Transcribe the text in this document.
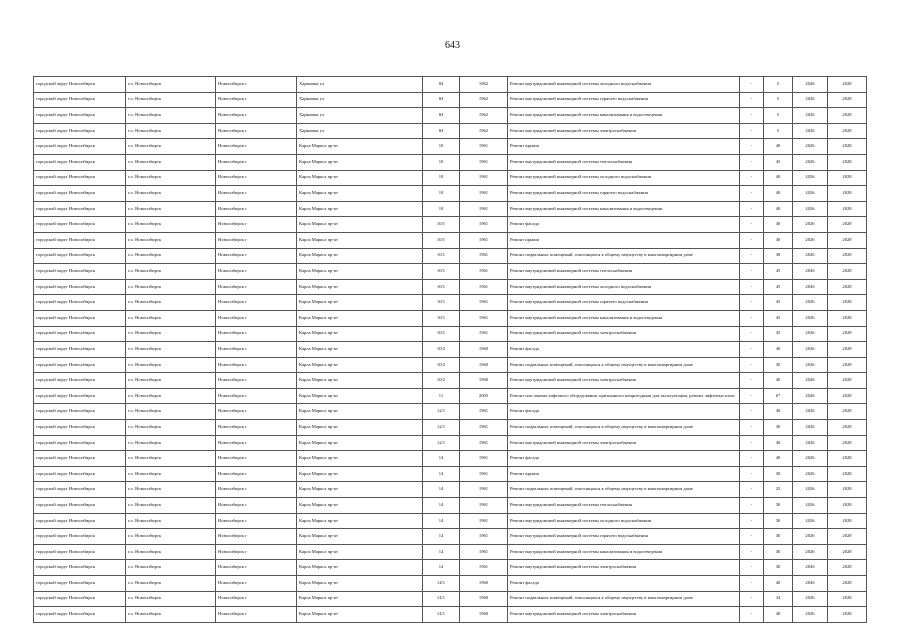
643
городской округ Новосибирск	г.о. Новосибирск	Новосибирск г	Хармаина ул	84	1962	Ремонт внутридомовой инженерной системы холодного водоснабжения	-	5	2026	2028
городской округ Новосибирск	г.о. Новосибирск	Новосибирск г	Хармаина ул	84	1962	Ремонт внутридомовой инженерной системы горячего водоснабжения	-	5	2026	2028
городской округ Новосибирск	г.о. Новосибирск	Новосибирск г	Хармаина ул	84	1962	Ремонт внутридомовой инженерной системы канализования и водоотведения	-	5	2026	2028
городской округ Новосибирск	г.о. Новосибирск	Новосибирск г	Хармаина ул	84	1962	Ремонт внутридомовой инженерной системы электроснабжения	-	5	2026	2028
городской округ Новосибирск	г.о. Новосибирск	Новосибирск г	Карла Маркса пр-кт	10	1961	Ремонт крыши	-	40	2026	2028
городской округ Новосибирск	г.о. Новосибирск	Новосибирск г	Карла Маркса пр-кт	10	1961	Ремонт внутридомовой инженерной системы теплоснабжения	-	45	2026	2028
городской округ Новосибирск	г.о. Новосибирск	Новосибирск г	Карла Маркса пр-кт	10	1961	Ремонт внутридомовой инженерной системы холодного водоснабжения	-	40	2026	2028
городской округ Новосибирск	г.о. Новосибирск	Новосибирск г	Карла Маркса пр-кт	10	1961	Ремонт внутридомовой инженерной системы горячего водоснабжения	-	40	2026	2028
городской округ Новосибирск	г.о. Новосибирск	Новосибирск г	Карла Маркса пр-кт	10	1961	Ремонт внутридомовой инженерной системы канализования и водоотведения	-	40	2026	2028
городской округ Новосибирск	г.о. Новосибирск	Новосибирск г	Карла Маркса пр-кт	10/1	1961	Ремонт фасада	-	40	2026	2028
городской округ Новосибирск	г.о. Новосибирск	Новосибирск г	Карла Маркса пр-кт	10/1	1961	Ремонт крыши	-	40	2026	2028
городской округ Новосибирск	г.о. Новосибирск	Новосибирск г	Карла Маркса пр-кт	10/1	1961	Ремонт подвальных помещений, относящихся к общему имуществу в многоквартирном доме	-	38	2026	2028
городской округ Новосибирск	г.о. Новосибирск	Новосибирск г	Карла Маркса пр-кт	10/1	1961	Ремонт внутридомовой инженерной системы теплоснабжения	-	45	2026	2028
городской округ Новосибирск	г.о. Новосибирск	Новосибирск г	Карла Маркса пр-кт	10/1	1961	Ремонт внутридомовой инженерной системы холодного водоснабжения	-	45	2026	2028
городской округ Новосибирск	г.о. Новосибирск	Новосибирск г	Карла Маркса пр-кт	10/1	1961	Ремонт внутридомовой инженерной системы горячего водоснабжения	-	45	2026	2028
городской округ Новосибирск	г.о. Новосибирск	Новосибирск г	Карла Маркса пр-кт	10/1	1961	Ремонт внутридомовой инженерной системы канализования и водоотведения	-	45	2026	2028
городской округ Новосибирск	г.о. Новосибирск	Новосибирск г	Карла Маркса пр-кт	10/1	1961	Ремонт внутридомовой инженерной системы электроснабжения	-	45	2026	2028
городской округ Новосибирск	г.о. Новосибирск	Новосибирск г	Карла Маркса пр-кт	10/2	1960	Ремонт фасада	-	40	2026	2028
городской округ Новосибирск	г.о. Новосибирск	Новосибирск г	Карла Маркса пр-кт	10/2	1960	Ремонт подвальных помещений, относящихся к общему имуществу в многоквартирном доме	-	30	2026	2028
городской округ Новосибирск	г.о. Новосибирск	Новосибирск г	Карла Маркса пр-кт	10/2	1960	Ремонт внутридомовой инженерной системы электроснабжения	-	40	2026	2028
городской округ Новосибирск	г.о. Новосибирск	Новосибирск г	Карла Маркса пр-кт	11	2005	Ремонт или замена лифтового оборудования, признанного непригодным для эксплуатации, ремонт лифтовых шахт	-	6*	2026	2028
городской округ Новосибирск	г.о. Новосибирск	Новосибирск г	Карла Маркса пр-кт	12/1	1961	Ремонт фасада	-	40	2026	2028
городской округ Новосибирск	г.о. Новосибирск	Новосибирск г	Карла Маркса пр-кт	12/1	1961	Ремонт подвальных помещений, относящихся к общему имуществу в многоквартирном доме	-	30	2026	2028
городской округ Новосибирск	г.о. Новосибирск	Новосибирск г	Карла Маркса пр-кт	12/1	1961	Ремонт внутридомовой инженерной системы электроснабжения	-	40	2026	2028
городской округ Новосибирск	г.о. Новосибирск	Новосибирск г	Карла Маркса пр-кт	14	1961	Ремонт фасада	-	40	2026	2028
городской округ Новосибирск	г.о. Новосибирск	Новосибирск г	Карла Маркса пр-кт	14	1961	Ремонт крыши	-	30	2026	2028
городской округ Новосибирск	г.о. Новосибирск	Новосибирск г	Карла Маркса пр-кт	14	1961	Ремонт подвальных помещений, относящихся к общему имуществу в многоквартирном доме	-	25	2026	2028
городской округ Новосибирск	г.о. Новосибирск	Новосибирск г	Карла Маркса пр-кт	14	1961	Ремонт внутридомовой инженерной системы теплоснабжения	-	30	2026	2028
городской округ Новосибирск	г.о. Новосибирск	Новосибирск г	Карла Маркса пр-кт	14	1961	Ремонт внутридомовой инженерной системы холодного водоснабжения	-	30	2026	2028
городской округ Новосибирск	г.о. Новосибирск	Новосибирск г	Карла Маркса пр-кт	14	1961	Ремонт внутридомовой инженерной системы горячего водоснабжения	-	30	2026	2028
городской округ Новосибирск	г.о. Новосибирск	Новосибирск г	Карла Маркса пр-кт	14	1961	Ремонт внутридомовой инженерной системы канализования и водоотведения	-	30	2026	2028
городской округ Новосибирск	г.о. Новосибирск	Новосибирск г	Карла Маркса пр-кт	14	1961	Ремонт внутридомовой инженерной системы электроснабжения	-	30	2026	2028
городской округ Новосибирск	г.о. Новосибирск	Новосибирск г	Карла Маркса пр-кт	14/1	1960	Ремонт фасада	-	40	2026	2028
городской округ Новосибирск	г.о. Новосибирск	Новосибирск г	Карла Маркса пр-кт	14/1	1960	Ремонт подвальных помещений, относящихся к общему имуществу в многоквартирном доме	-	34	2026	2028
городской округ Новосибирск	г.о. Новосибирск	Новосибирск г	Карла Маркса пр-кт	14/1	1960	Ремонт внутридомовой инженерной системы электроснабжения	-	40	2026	2028
